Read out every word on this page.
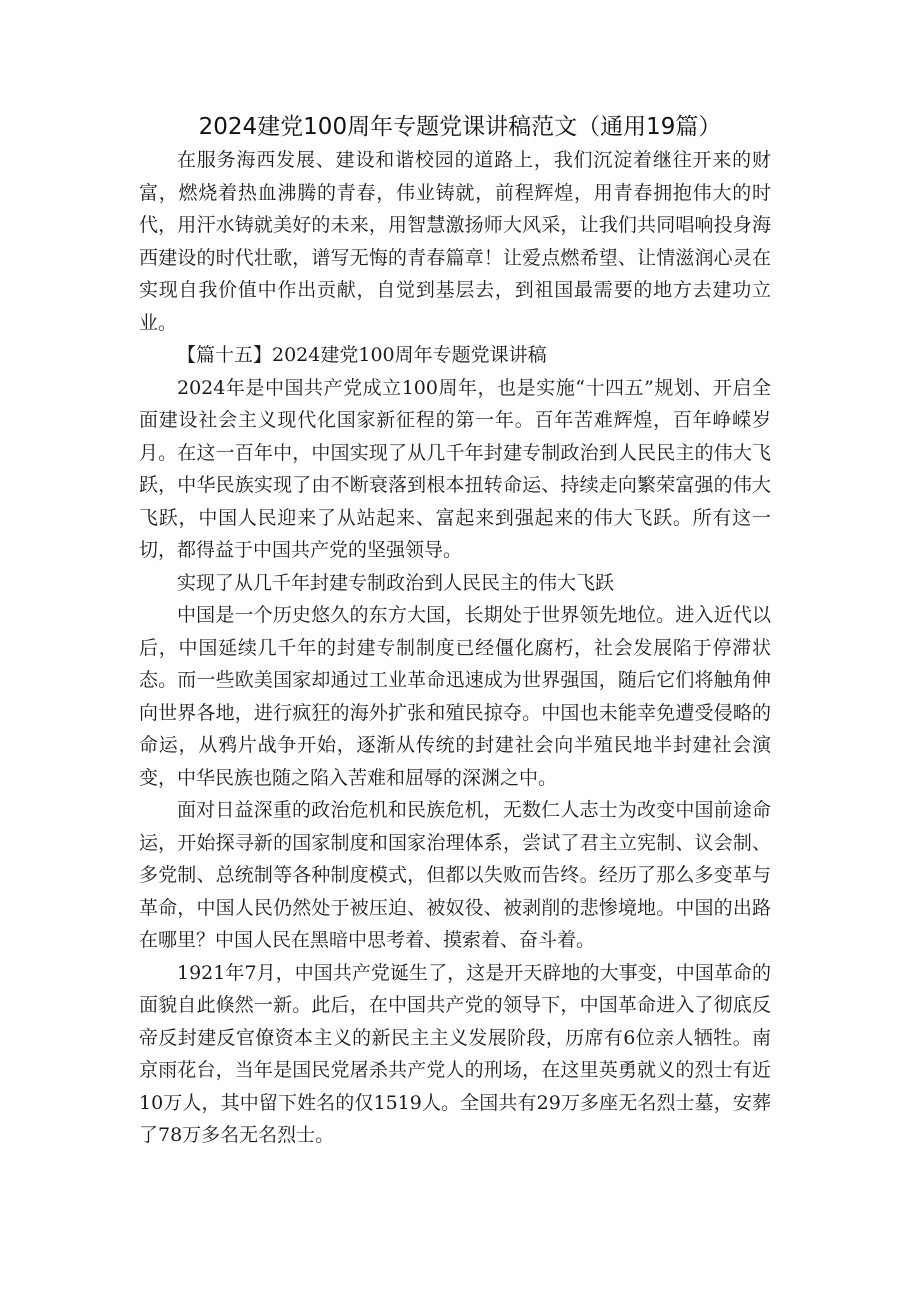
2024建党100周年专题党课讲稿范文（通用19篇）

在服务海西发展、建设和谐校园的道路上，我们沉淀着继往开来的财富，燃烧着热血沸腾的青春，伟业铸就，前程辉煌，用青春拥抱伟大的时代，用汗水铸就美好的未来，用智慧激扬师大风采，让我们共同唱响投身海西建设的时代壮歌，谱写无悔的青春篇章！让爱点燃希望、让情滋润心灵在实现自我价值中作出贡献，自觉到基层去，到祖国最需要的地方去建功立业。

【篇十五】2024建党100周年专题党课讲稿

2024年是中国共产党成立100周年，也是实施“十四五”规划、开启全面建设社会主义现代化国家新征程的第一年。百年苦难辉煌，百年峥嵘岁月。在这一百年中，中国实现了从几千年封建专制政治到人民民主的伟大飞跃，中华民族实现了由不断衰落到根本扭转命运、持续走向繁荣富强的伟大飞跃，中国人民迎来了从站起来、富起来到强起来的伟大飞跃。所有这一切，都得益于中国共产党的坚强领导。

实现了从几千年封建专制政治到人民民主的伟大飞跃

中国是一个历史悠久的东方大国，长期处于世界领先地位。进入近代以后，中国延续几千年的封建专制制度已经僵化腐朽，社会发展陷于停滞状态。而一些欧美国家却通过工业革命迅速成为世界强国，随后它们将触角伸向世界各地，进行疯狂的海外扩张和殖民掠夺。中国也未能幸免遭受侵略的命运，从鸦片战争开始，逐渐从传统的封建社会向半殖民地半封建社会演变，中华民族也随之陷入苦难和屈辱的深渊之中。

面对日益深重的政治危机和民族危机，无数仁人志士为改变中国前途命运，开始探寻新的国家制度和国家治理体系，尝试了君主立宪制、议会制、多党制、总统制等各种制度模式，但都以失败而告终。经历了那么多变革与革命，中国人民仍然处于被压迫、被奴役、被剥削的悲惨境地。中国的出路在哪里？中国人民在黑暗中思考着、摸索着、奋斗着。

1921年7月，中国共产党诞生了，这是开天辟地的大事变，中国革命的面貌自此倏然一新。此后，在中国共产党的领导下，中国革命进入了彻底反帝反封建反官僚资本主义的新民主主义发展阶段，历席有6位亲人牺牲。南京雨花台，当年是国民党屠杀共产党人的刑场，在这里英勇就义的烈士有近10万人，其中留下姓名的仅1519人。全国共有29万多座无名烈士墓，安葬了78万多名无名烈士。
